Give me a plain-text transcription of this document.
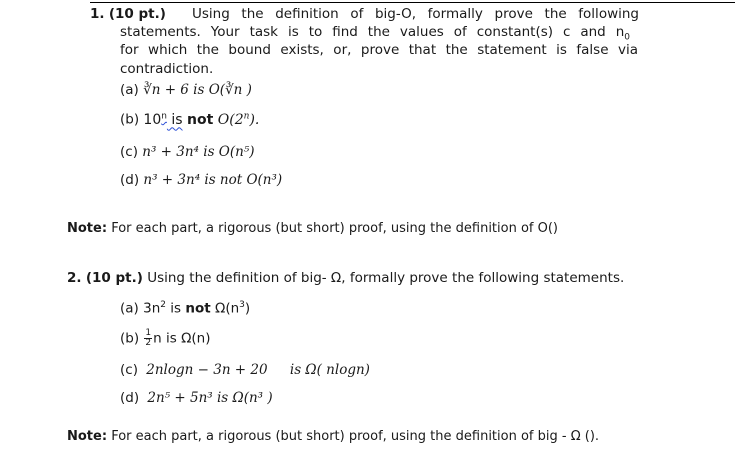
1. (10 pt.) Using the definition of big-O, formally prove the following
statements. Your task is to find the values of constant(s) c and $n_0$
for which the bound exists, or, prove that the statement is false via
contradiction.
(a) ∛n + 6 is O(∛n )
(b) 10$^n$ is not O(2$^n$).
(c) n³ + 3n⁴ is O(n⁵)
(d) n³ + 3n⁴ is not O(n³)
Note: For each part, a rigorous (but short) proof, using the definition of O()
2. (10 pt.) Using the definition of big- Ω, formally prove the following statements.
(a) $3n^2$ is not $\Omega(n^3)$
$(b) \frac{1}{2}$ n is Ω(n)
(c) 2nlogn − 3n + 20 is Ω( nlogn)
(d) 2n⁵ + 5n³ is Ω(n³ )
Note: For each part, a rigorous (but short) proof, using the definition of big - Ω ().
